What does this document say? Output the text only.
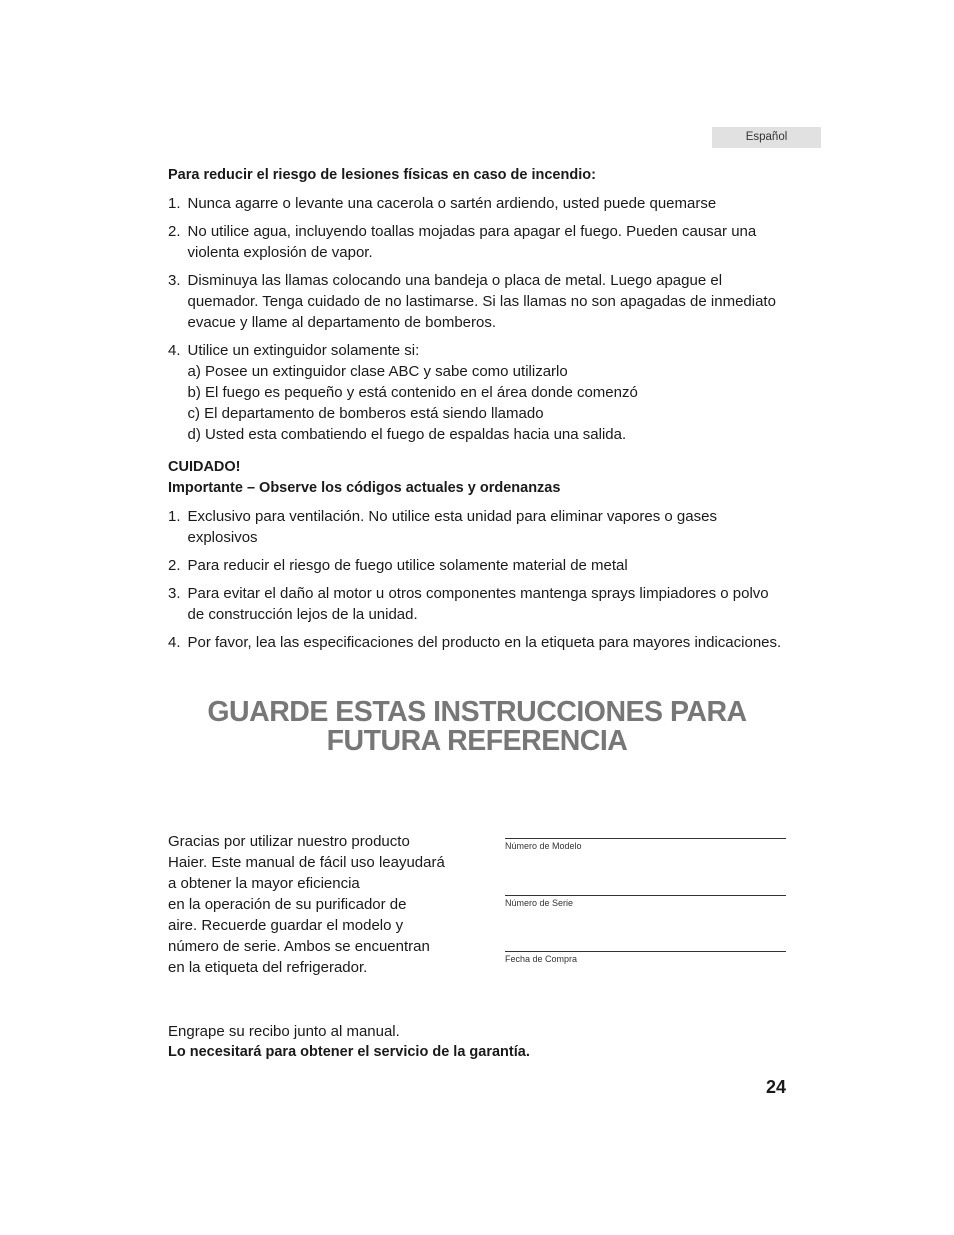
Español
Para reducir el riesgo de lesiones físicas en caso de incendio:
1. Nunca agarre o levante una cacerola o sartén ardiendo, usted puede quemarse
2. No utilice agua, incluyendo toallas mojadas para apagar el fuego. Pueden causar una violenta explosión de vapor.
3. Disminuya las llamas colocando una bandeja o placa de metal. Luego apague el quemador. Tenga cuidado de no lastimarse. Si las llamas no son apagadas de inmediato evacue y llame al departamento de bomberos.
4. Utilice un extinguidor solamente si:
a) Posee un extinguidor clase ABC y sabe como utilizarlo
b) El fuego es pequeño y está contenido en el área donde comenzó
c) El departamento de bomberos está siendo llamado
d) Usted esta combatiendo el fuego de espaldas hacia una salida.
CUIDADO!
Importante – Observe los códigos actuales y ordenanzas
1. Exclusivo para ventilación. No utilice esta unidad para eliminar vapores o gases explosivos
2. Para reducir el riesgo de fuego utilice solamente material de metal
3. Para evitar el daño al motor u otros componentes mantenga sprays limpiadores o polvo de construcción lejos de la unidad.
4. Por favor, lea las especificaciones del producto en la etiqueta para mayores indicaciones.
GUARDE ESTAS INSTRUCCIONES PARA
FUTURA REFERENCIA
Gracias por utilizar nuestro producto
Haier. Este manual de fácil uso leayudará
a obtener la mayor eficiencia
en la operación de su purificador de
aire. Recuerde guardar el modelo y
número de serie. Ambos se encuentran
en la etiqueta del refrigerador.
Número de Modelo
Número de Serie
Fecha de Compra
Engrape su recibo junto al manual.
Lo necesitará para obtener el servicio de la garantía.
24
